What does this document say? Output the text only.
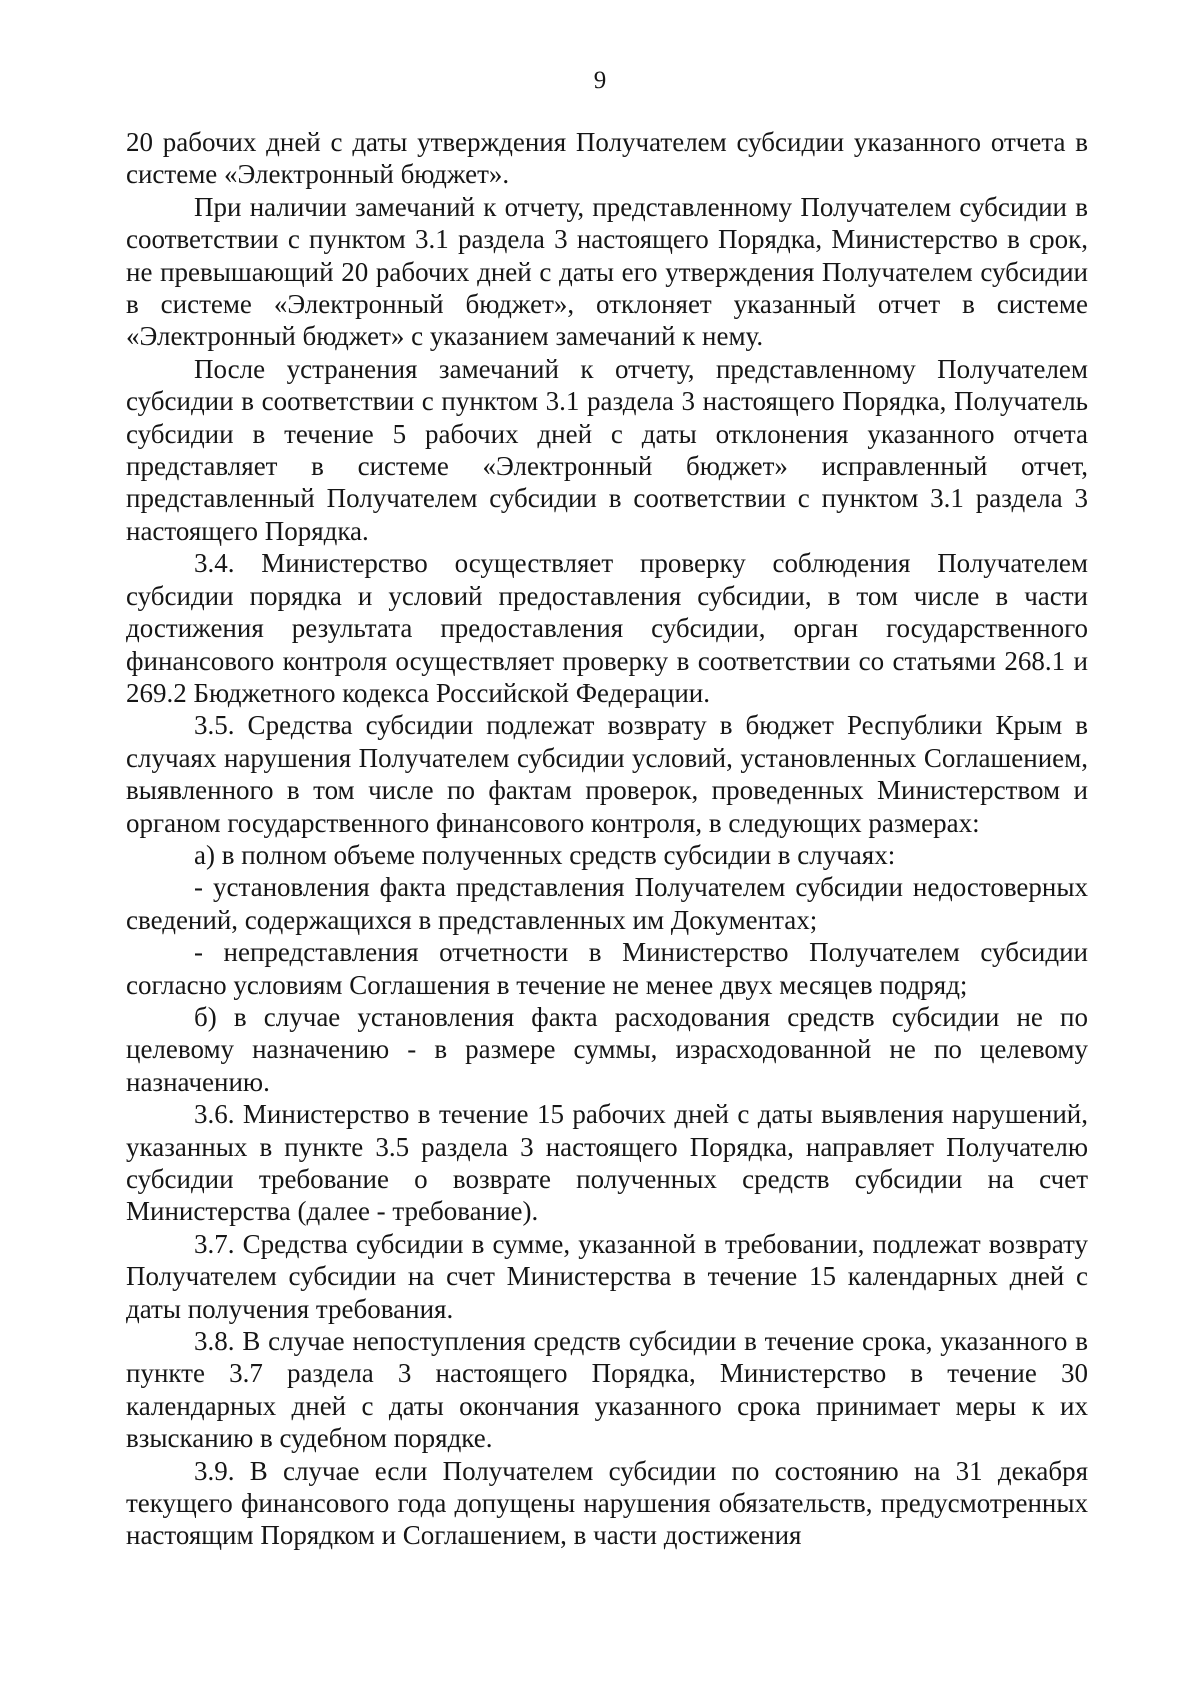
9

20 рабочих дней с даты утверждения Получателем субсидии указанного отчета в системе «Электронный бюджет».

При наличии замечаний к отчету, представленному Получателем субсидии в соответствии с пунктом 3.1 раздела 3 настоящего Порядка, Министерство в срок, не превышающий 20 рабочих дней с даты его утверждения Получателем субсидии в системе «Электронный бюджет», отклоняет указанный отчет в системе «Электронный бюджет» с указанием замечаний к нему.

После устранения замечаний к отчету, представленному Получателем субсидии в соответствии с пунктом 3.1 раздела 3 настоящего Порядка, Получатель субсидии в течение 5 рабочих дней с даты отклонения указанного отчета представляет в системе «Электронный бюджет» исправленный отчет, представленный Получателем субсидии в соответствии с пунктом 3.1 раздела 3 настоящего Порядка.

3.4. Министерство осуществляет проверку соблюдения Получателем субсидии порядка и условий предоставления субсидии, в том числе в части достижения результата предоставления субсидии, орган государственного финансового контроля осуществляет проверку в соответствии со статьями 268.1 и 269.2 Бюджетного кодекса Российской Федерации.

3.5. Средства субсидии подлежат возврату в бюджет Республики Крым в случаях нарушения Получателем субсидии условий, установленных Соглашением, выявленного в том числе по фактам проверок, проведенных Министерством и органом государственного финансового контроля, в следующих размерах:

а) в полном объеме полученных средств субсидии в случаях:

- установления факта представления Получателем субсидии недостоверных сведений, содержащихся в представленных им Документах;

- непредставления отчетности в Министерство Получателем субсидии согласно условиям Соглашения в течение не менее двух месяцев подряд;

б) в случае установления факта расходования средств субсидии не по целевому назначению - в размере суммы, израсходованной не по целевому назначению.

3.6. Министерство в течение 15 рабочих дней с даты выявления нарушений, указанных в пункте 3.5 раздела 3 настоящего Порядка, направляет Получателю субсидии требование о возврате полученных средств субсидии на счет Министерства (далее - требование).

3.7. Средства субсидии в сумме, указанной в требовании, подлежат возврату Получателем субсидии на счет Министерства в течение 15 календарных дней с даты получения требования.

3.8. В случае непоступления средств субсидии в течение срока, указанного в пункте 3.7 раздела 3 настоящего Порядка, Министерство в течение 30 календарных дней с даты окончания указанного срока принимает меры к их взысканию в судебном порядке.

3.9. В случае если Получателем субсидии по состоянию на 31 декабря текущего финансового года допущены нарушения обязательств, предусмотренных настоящим Порядком и Соглашением, в части достижения
